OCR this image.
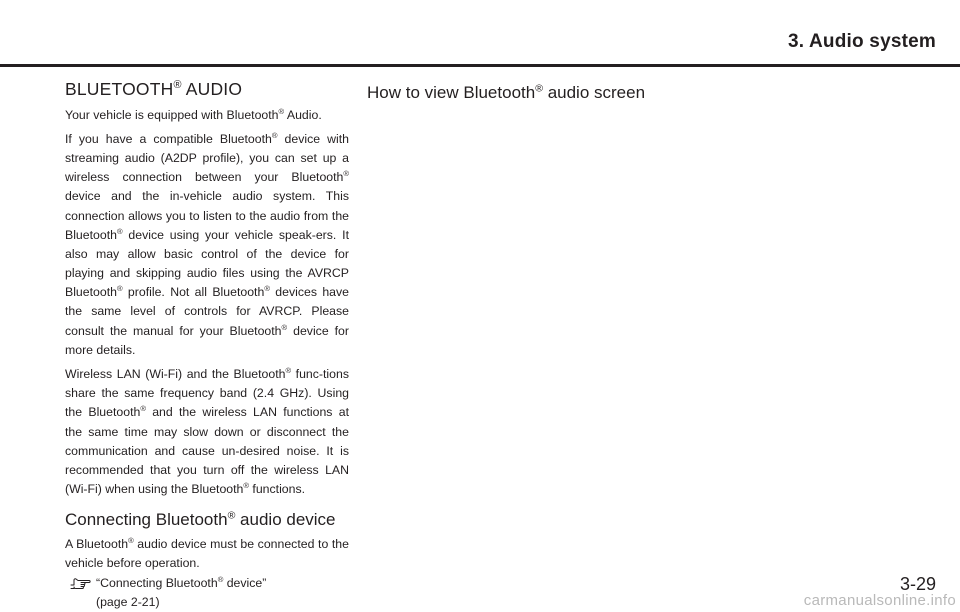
3. Audio system
BLUETOOTH® AUDIO

Your vehicle is equipped with Bluetooth® Audio.

If you have a compatible Bluetooth® device with streaming audio (A2DP profile), you can set up a wireless connection between your Bluetooth® device and the in-vehicle audio system. This connection allows you to listen to the audio from the Bluetooth® device using your vehicle speak-ers. It also may allow basic control of the device for playing and skipping audio files using the AVRCP Bluetooth® profile. Not all Bluetooth® devices have the same level of controls for AVRCP. Please consult the manual for your Bluetooth® device for more details.

Wireless LAN (Wi-Fi) and the Bluetooth® func-tions share the same frequency band (2.4 GHz). Using the Bluetooth® and the wireless LAN functions at the same time may slow down or disconnect the communication and cause un-desired noise. It is recommended that you turn off the wireless LAN (Wi-Fi) when using the Bluetooth® functions.

Connecting Bluetooth® audio device

A Bluetooth® audio device must be connected to the vehicle before operation.

“Connecting Bluetooth® device”
(page 2-21)
How to view Bluetooth® audio screen
3-29
carmanualsonline.info
